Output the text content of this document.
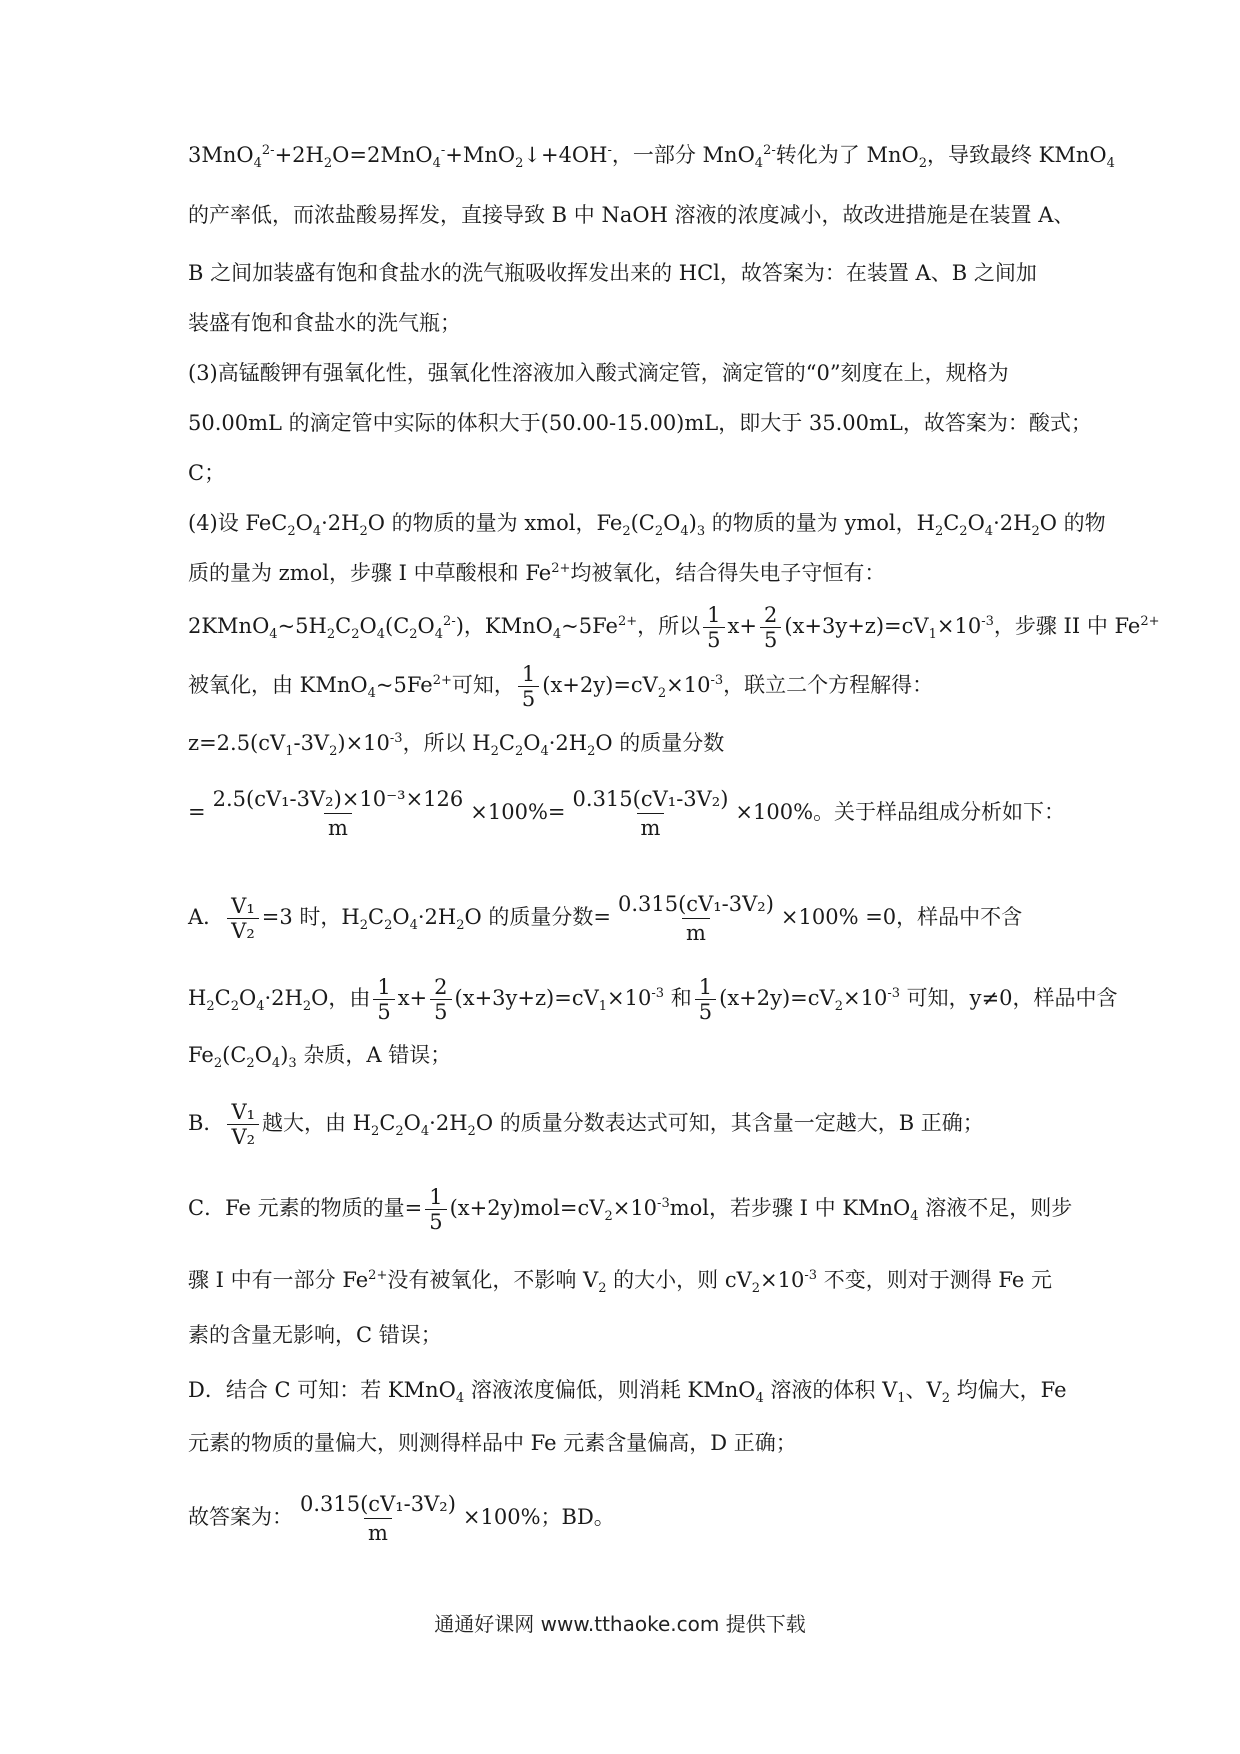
$3MnO_4^{2-}+2H_2O=2MnO_4^-+MnO_2↓+4OH^-$，一部分 MnO$_4^{2-}$转化为了 MnO$_2$，导致最终 KMnO$_4$
的产率低，而浓盐酸易挥发，直接导致 B 中 NaOH 溶液的浓度减小，故改进措施是在装置 A、
B 之间加装盛有饱和食盐水的洗气瓶吸收挥发出来的 HCl，故答案为：在装置 A、B 之间加
装盛有饱和食盐水的洗气瓶；
(3)高锰酸钾有强氧化性，强氧化性溶液加入酸式滴定管，滴定管的“0”刻度在上，规格为
50.00mL 的滴定管中实际的体积大于(50.00-15.00)mL，即大于 35.00mL，故答案为：酸式；
C；
(4)设 $FeC_2O_4\cdot 2H_2O$ 的物质的量为 xmol，$Fe_2(C_2O_4)_3$ 的物质的量为 ymol，$H_2C_2O_4\cdot 2H_2O$ 的物
质的量为 zmol，步骤 I 中草酸根和 $Fe^{2+}$均被氧化，结合得失电子守恒有：
$2KMnO_4\sim 5H_2C_2O_4(C_2O_4^{2-})$，$KMnO_4\sim 5Fe^{2+}$，所以 $\frac{1}{5} x+ \frac{2}{5} (x+3y+z)=cV_1\times 10^{-3}$，步骤 II 中 $Fe^{2+}$
被氧化，由 $KMnO_4\sim 5Fe^{2+}$可知， $\frac{1}{5} (x+2y)=cV_2\times 10^{-3}$，联立二个方程解得：
$z=2.5(cV_1-3V_2)\times 10^{-3}$，所以 $H_2C_2O_4\cdot 2H_2O$ 的质量分数
= $\frac{\text{2.5(cV₁-3V₂)×10⁻³×126}}{m} \times 100\%= \frac{\text{0.315(cV₁-3V₂)}}{m} \times 100\%$。关于样品组成分析如下：
A． $\frac{\text{V₁}}{\text{V₂}} =3$ 时，$H_2C_2O_4\cdot 2H_2O$ 的质量分数= $\frac{\text{0.315(cV₁-3V₂)}}{m} \times 100\% =0$，样品中不含
$H_2C_2O_4\cdot 2H_2O$，由 $\frac{1}{5} x+ \frac{2}{5} (x+3y+z)=cV_1\times 10^{-3}$ 和 $\frac{1}{5} (x+2y)=cV_2\times 10^{-3}$ 可知，y≠0，样品中含
$Fe_2(C_2O_4)_3$ 杂质，A 错误；
B． $\frac{\text{V₁}}{\text{V₂}}$ 越大，由 $H_2C_2O_4\cdot 2H_2O$ 的质量分数表达式可知，其含量一定越大，B 正确；
C．Fe 元素的物质的量= $\frac{1}{5} (x+2y)mol=cV_2\times 10^{-3}mol$，若步骤 I 中 KMnO$_4$ 溶液不足，则步
骤 I 中有一部分 $Fe^{2+}$没有被氧化，不影响 $V_2$ 的大小，则 $cV_2\times 10^{-3}$ 不变，则对于测得 Fe 元
素的含量无影响，C 错误；
D．结合 C 可知：若 KMnO$_4$ 溶液浓度偏低，则消耗 KMnO$_4$ 溶液的体积 $V_1$、$V_2$ 均偏大，Fe
元素的物质的量偏大，则测得样品中 Fe 元素含量偏高，D 正确；
故答案为： $\frac{\text{0.315(cV₁-3V₂)}}{m} \times 100\%$；BD。
通通好课网 www.tthaoke.com 提供下载
